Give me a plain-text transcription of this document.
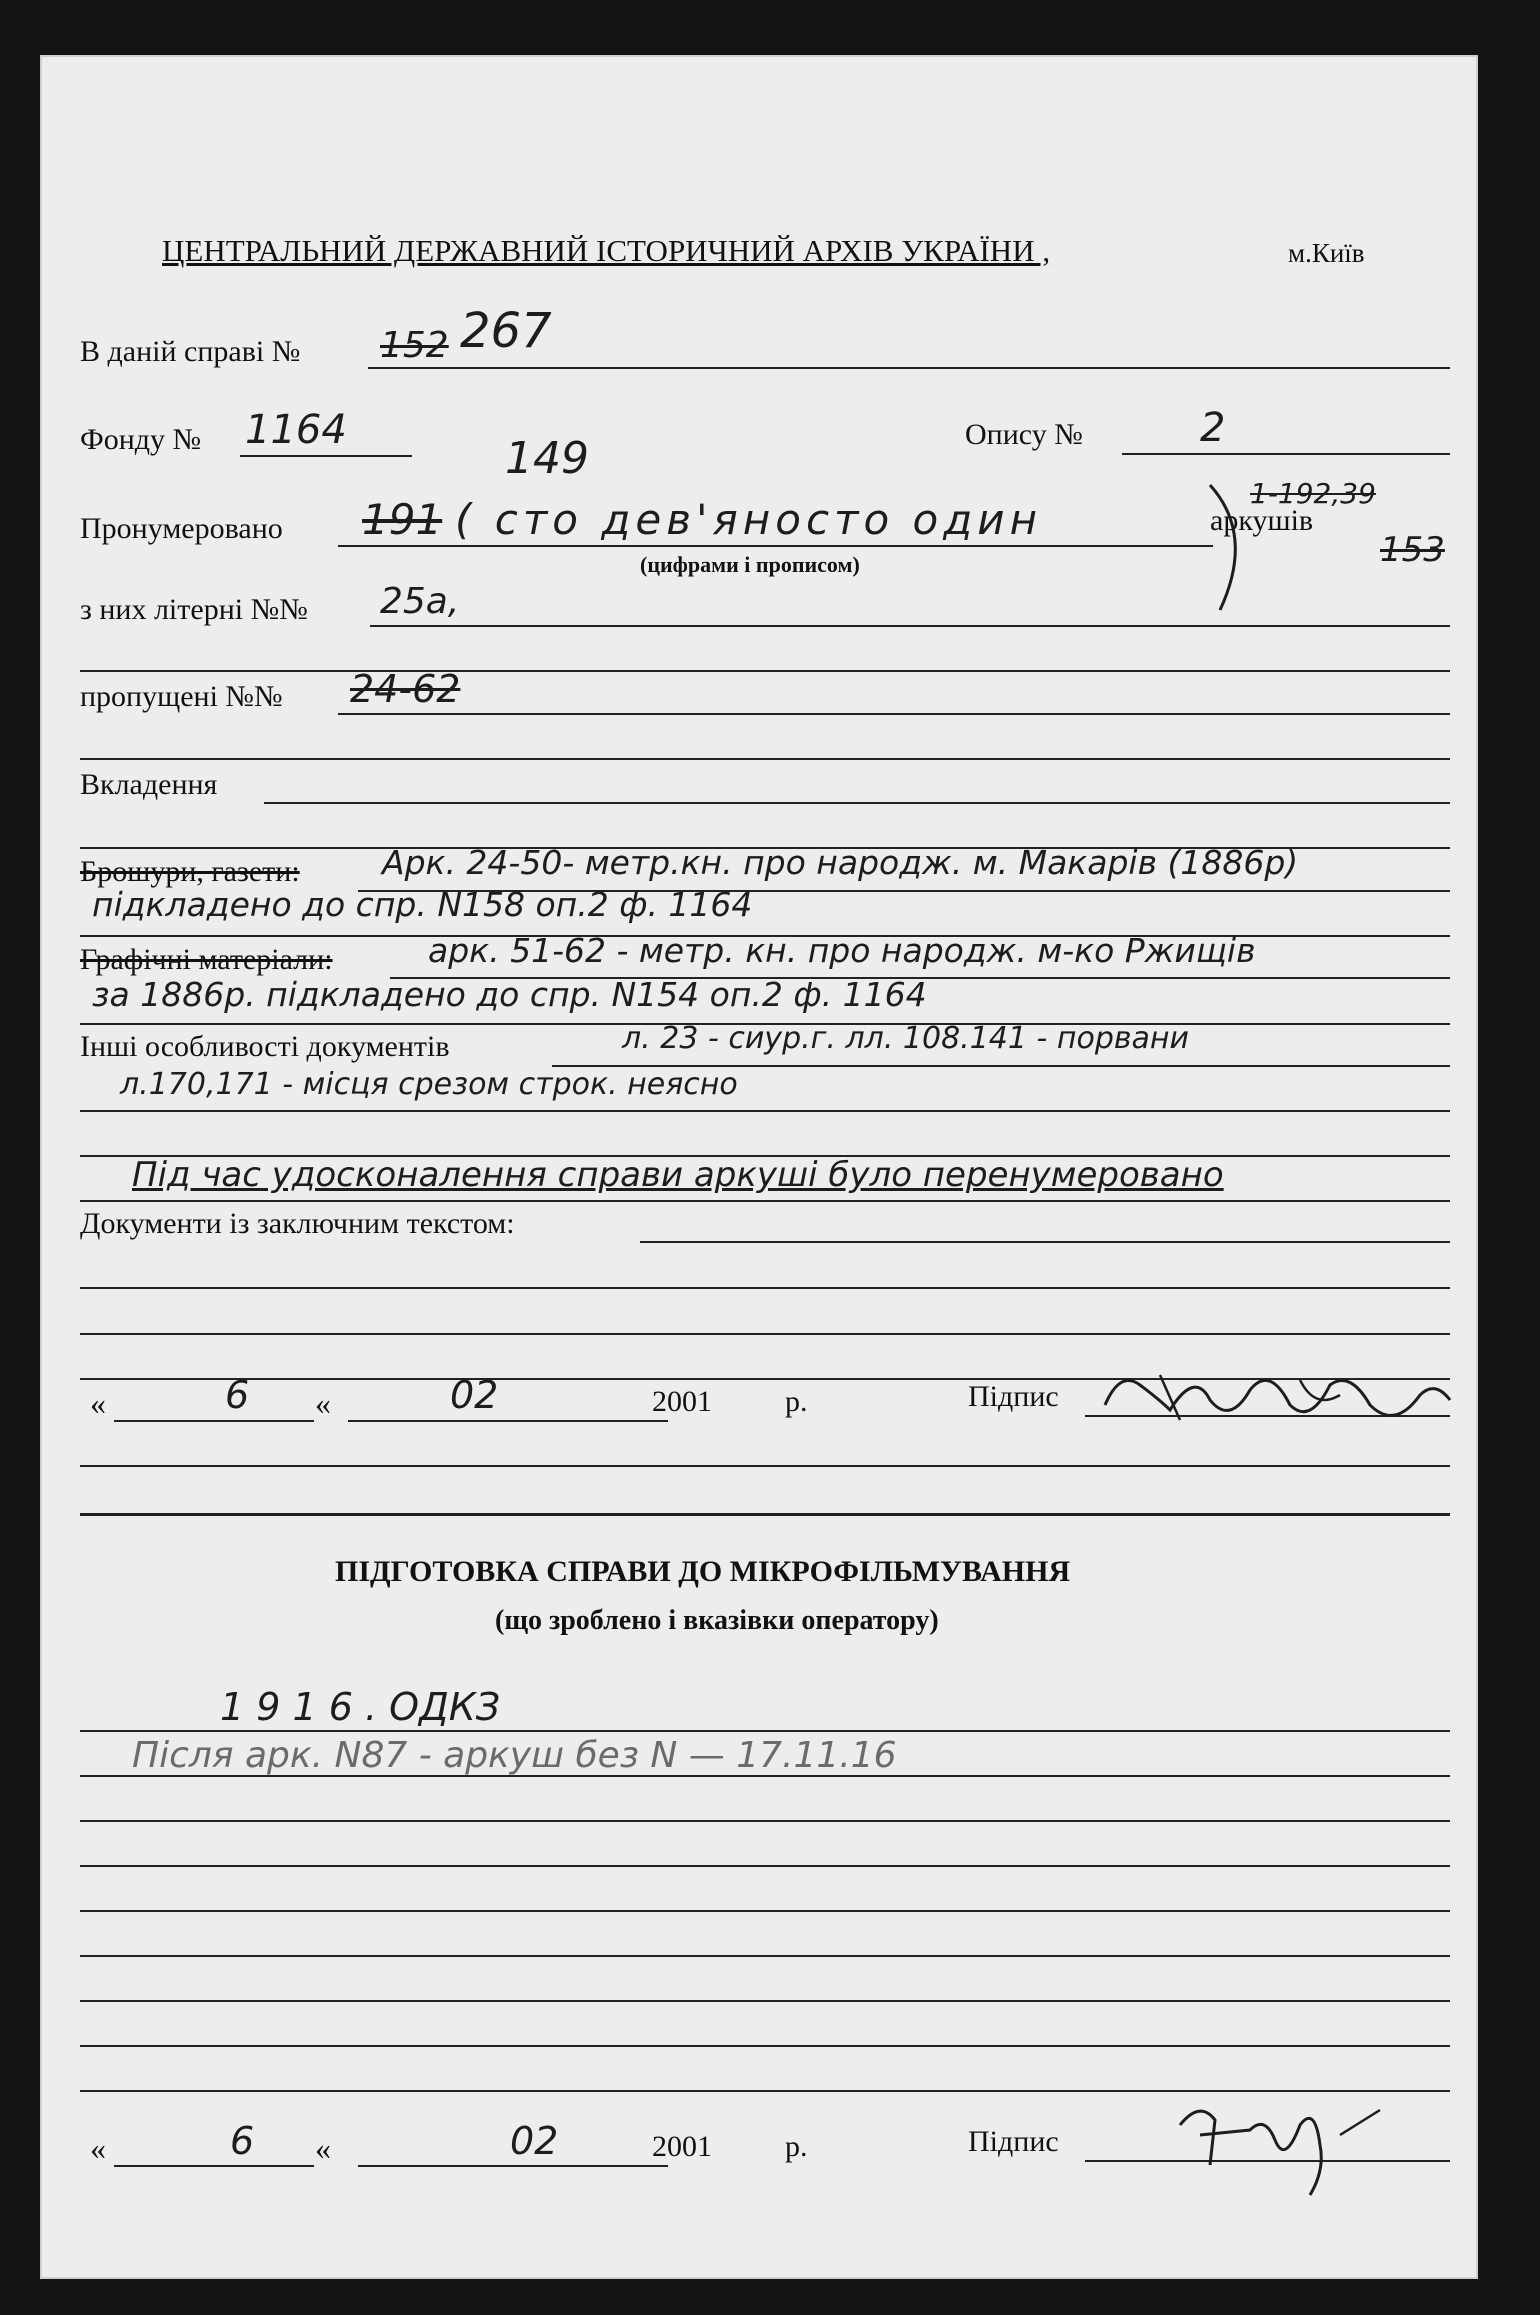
ЦЕНТРАЛЬНИЙ ДЕРЖАВНИЙ ІСТОРИЧНИЙ АРХІВ УКРАЇНИ ,	м.Київ
В даній справі № 152 267
Фонду № 1164	Опису №	2
149
Пронумеровано 191 ( сто дев'яносто один	аркушів
(цифрами і прописом)
1-192,39
153
з них літерні №№ 25а,
пропущені №№ 24-62
Вкладення
Брошури, газети: Арк. 24-50- метр.кн. про народж. м. Макарів (1886р)
підкладено до спр. N158 оп.2 ф. 1164
Графічні матеріали:	арк. 51-62 - метр. кн. про народж. м-ко Ржищів
за 1886р. підкладено до спр. N154 оп.2 ф. 1164
Інші особливості документів	л. 23 - сиур.г. лл. 108.141 - порвани
л.170,171 - місця срезом строк. неясно
Під час удосконалення справи аркуші було перенумеровано
Документи із заключним текстом:
«	6 «	02	2001 р.	Підпис
ПІДГОТОВКА СПРАВИ ДО МІКРОФІЛЬМУВАННЯ
(що зроблено і вказівки оператору)
1 9 1 6 . ОДКЗ
Після арк. N87 - аркуш без N — 17.11.16
«	6 «	02	2001 р.	Підпис
